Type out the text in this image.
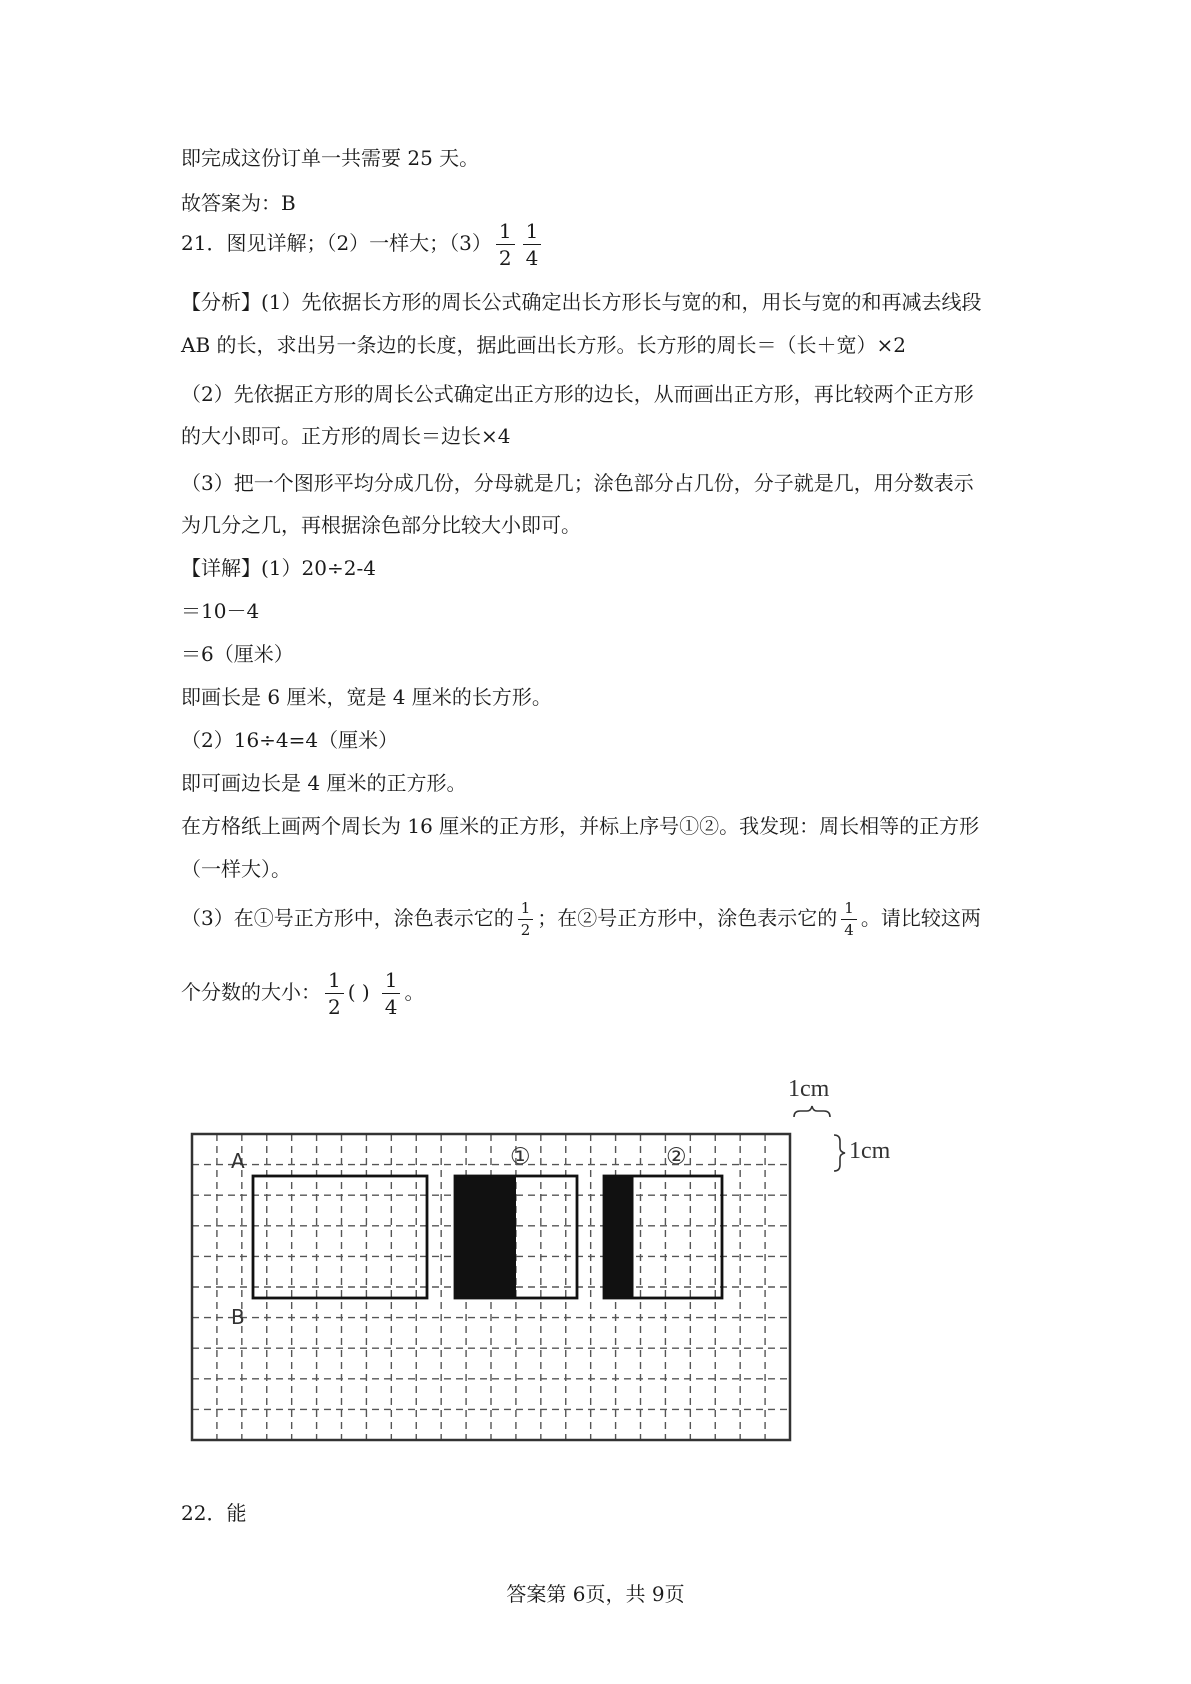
即完成这份订单一共需要 25 天。
故答案为：B
21．图见详解；（2）一样大；$(3) \frac{1}{2} \frac{1}{4}$
【分析】(1）先依据长方形的周长公式确定出长方形长与宽的和，用长与宽的和再减去线段
AB 的长，求出另一条边的长度，据此画出长方形。长方形的周长＝（长＋宽）×2
（2）先依据正方形的周长公式确定出正方形的边长，从而画出正方形，再比较两个正方形
的大小即可。正方形的周长＝边长×4
（3）把一个图形平均分成几份，分母就是几；涂色部分占几份，分子就是几，用分数表示
为几分之几，再根据涂色部分比较大小即可。
【详解】(1）20÷2-4
＝10－4
＝6（厘米）
即画长是 6 厘米，宽是 4 厘米的长方形。
（2）16÷4=4（厘米）
即可画边长是 4 厘米的正方形。
在方格纸上画两个周长为 16 厘米的正方形，并标上序号①②。我发现：周长相等的正方形
（一样大）。
（3）在①号正方形中，涂色表示它的 $\frac{1}{2}$ ；在②号正方形中，涂色表示它的 $\frac{1}{4}$ 。请比较这两
个分数的大小： $\frac{1}{2}$ ( ) $\frac{1}{4}$ 。
A
B
①	②
1cm
1cm
22．能
答案第 6页，共 9页
